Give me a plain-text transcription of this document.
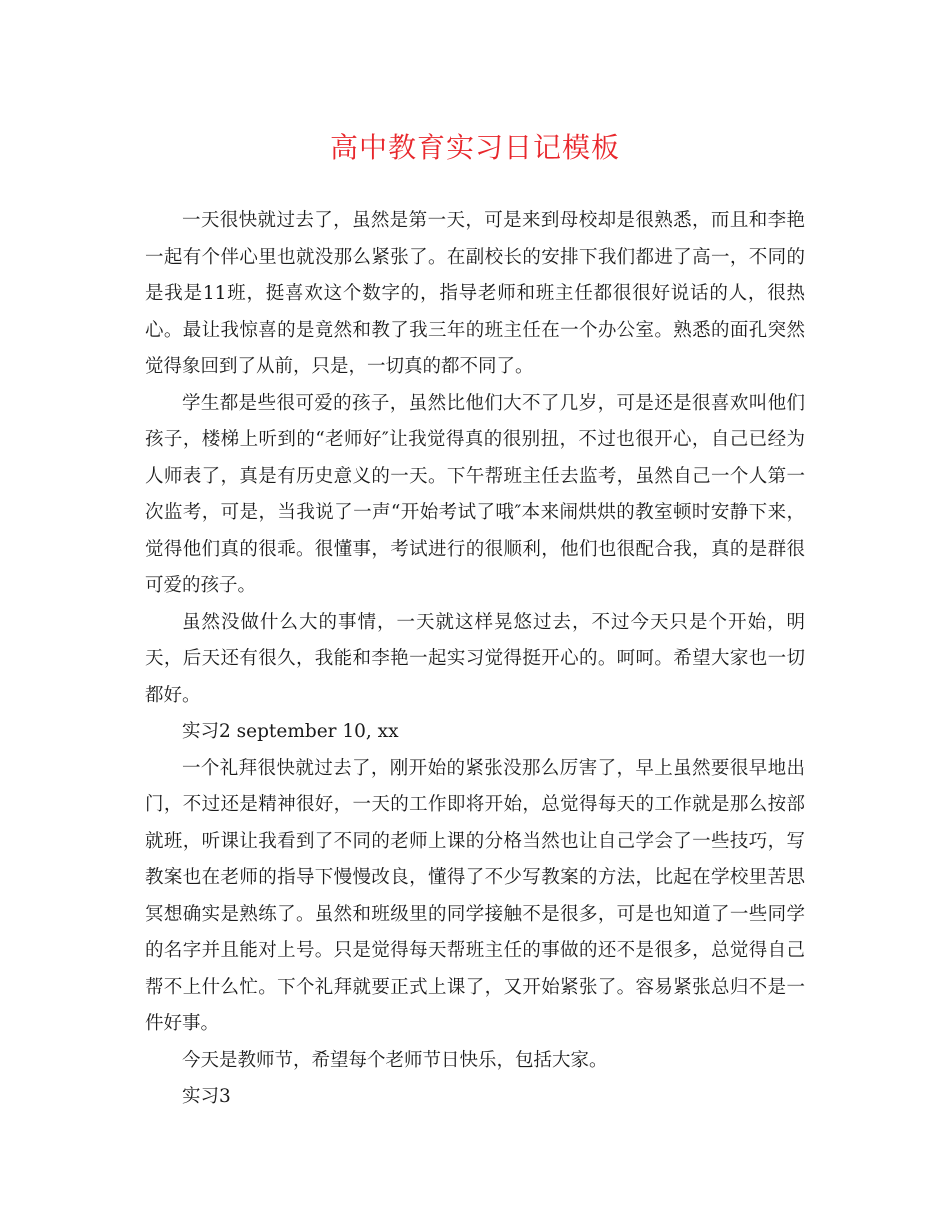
高中教育实习日记模板

一天很快就过去了，虽然是第一天，可是来到母校却是很熟悉，而且和李艳一起有个伴心里也就没那么紧张了。在副校长的安排下我们都进了高一，不同的是我是11班，挺喜欢这个数字的，指导老师和班主任都很很好说话的人，很热心。最让我惊喜的是竟然和教了我三年的班主任在一个办公室。熟悉的面孔突然觉得象回到了从前，只是，一切真的都不同了。

学生都是些很可爱的孩子，虽然比他们大不了几岁，可是还是很喜欢叫他们孩子，楼梯上听到的“老师好″让我觉得真的很别扭，不过也很开心，自己已经为人师表了，真是有历史意义的一天。下午帮班主任去监考，虽然自己一个人第一次监考，可是，当我说了一声“开始考试了哦″本来闹烘烘的教室顿时安静下来，觉得他们真的很乖。很懂事，考试进行的很顺利，他们也很配合我，真的是群很可爱的孩子。

虽然没做什么大的事情，一天就这样晃悠过去，不过今天只是个开始，明天，后天还有很久，我能和李艳一起实习觉得挺开心的。呵呵。希望大家也一切都好。

实习2 september 10, xx

一个礼拜很快就过去了，刚开始的紧张没那么厉害了，早上虽然要很早地出门，不过还是精神很好，一天的工作即将开始，总觉得每天的工作就是那么按部就班，听课让我看到了不同的老师上课的分格当然也让自己学会了一些技巧，写教案也在老师的指导下慢慢改良，懂得了不少写教案的方法，比起在学校里苦思冥想确实是熟练了。虽然和班级里的同学接触不是很多，可是也知道了一些同学的名字并且能对上号。只是觉得每天帮班主任的事做的还不是很多，总觉得自己帮不上什么忙。下个礼拜就要正式上课了，又开始紧张了。容易紧张总归不是一件好事。

今天是教师节，希望每个老师节日快乐，包括大家。

实习3
